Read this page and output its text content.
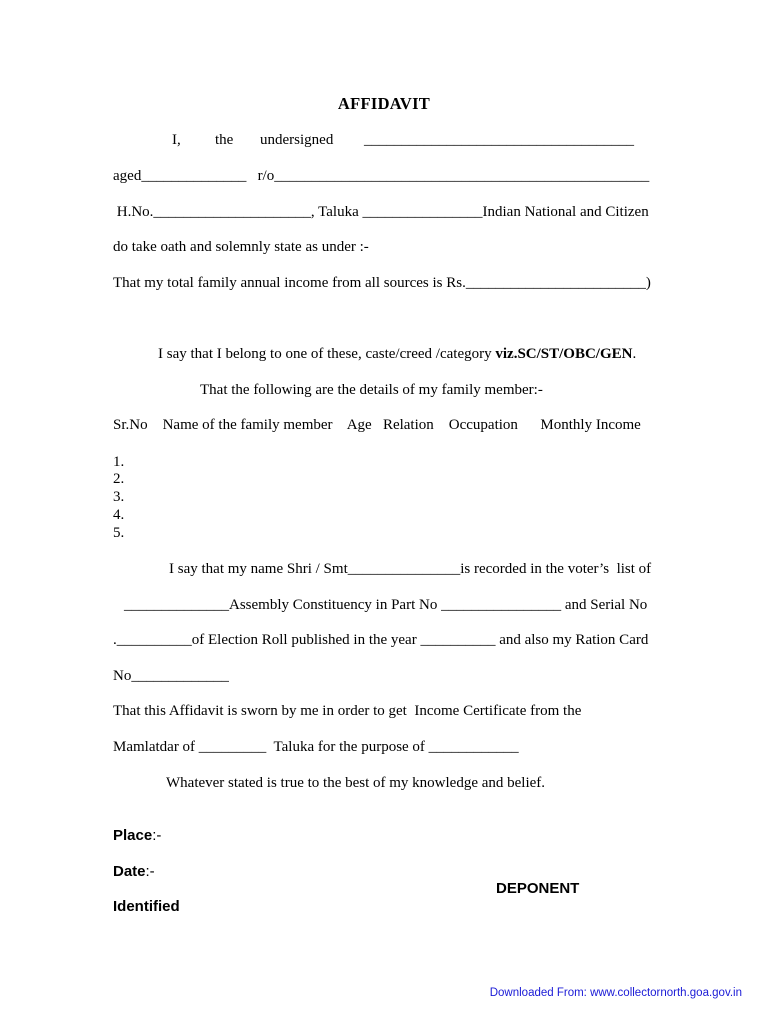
AFFIDAVIT
I, the undersigned ____________________________________
aged______________   r/o__________________________________________________
H.No._____________________, Taluka ________________Indian National and Citizen
do take oath and solemnly state as under :-
That my total family annual income from all sources is Rs.________________________)
I say that I belong to one of these, caste/creed /category viz.SC/ST/OBC/GEN.
That the following are the details of my family member:-
Sr.No    Name of the family member    Age   Relation    Occupation      Monthly Income
1.
2.
3.
4.
5.
I say that my name Shri / Smt_______________is recorded in the voter’s  list of
______________Assembly Constituency in Part No ________________ and Serial No
.__________of Election Roll published in the year __________ and also my Ration Card
No_____________
That this Affidavit is sworn by me in order to get  Income Certificate from the
Mamlatdar of _________  Taluka for the purpose of ____________
Whatever stated is true to the best of my knowledge and belief.
Place:-
Date:-
DEPONENT
Identified
Downloaded From: www.collectornorth.goa.gov.in
